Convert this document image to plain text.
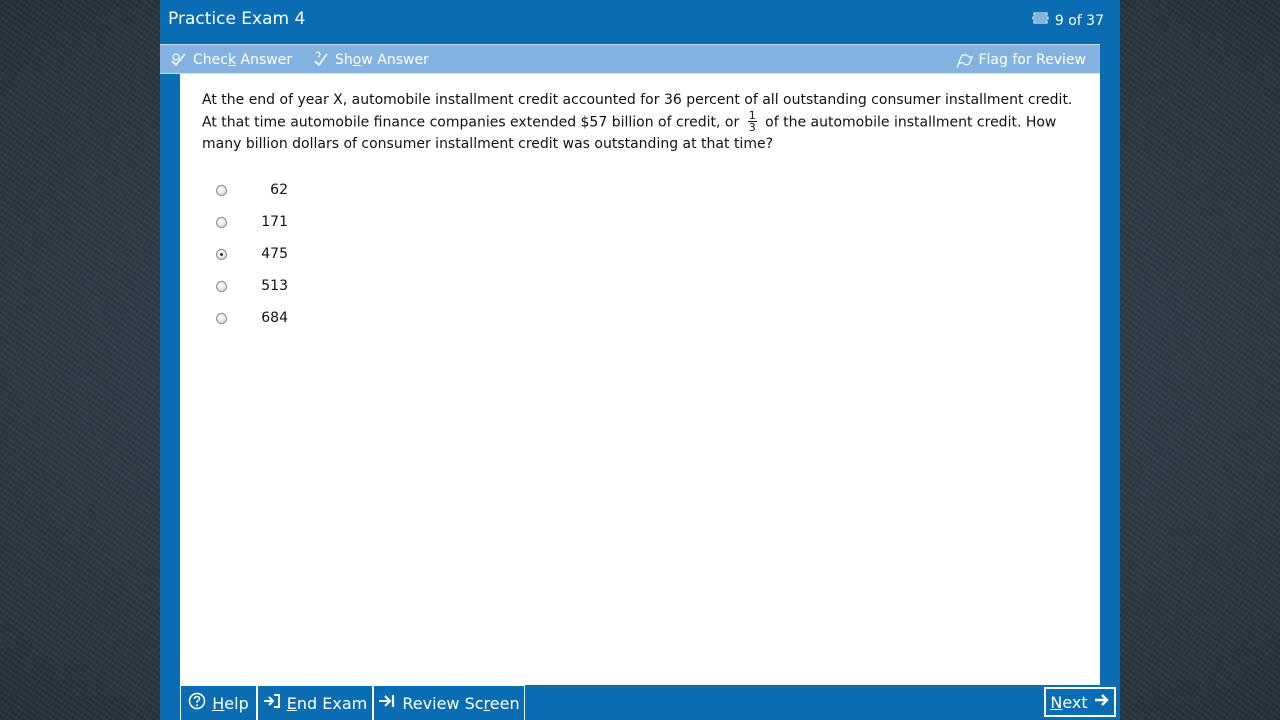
Practice Exam 4	9 of 37
Check Answer	Show Answer	Flag for Review
At the end of year X, automobile installment credit accounted for 36 percent of all outstanding consumer installment credit. At that time automobile finance companies extended $57 billion of credit, or $\frac{1}{3}$ of the automobile installment credit. How many billion dollars of consumer installment credit was outstanding at that time?
62
171
475
513
684
Help End Exam Review Screen	Next
